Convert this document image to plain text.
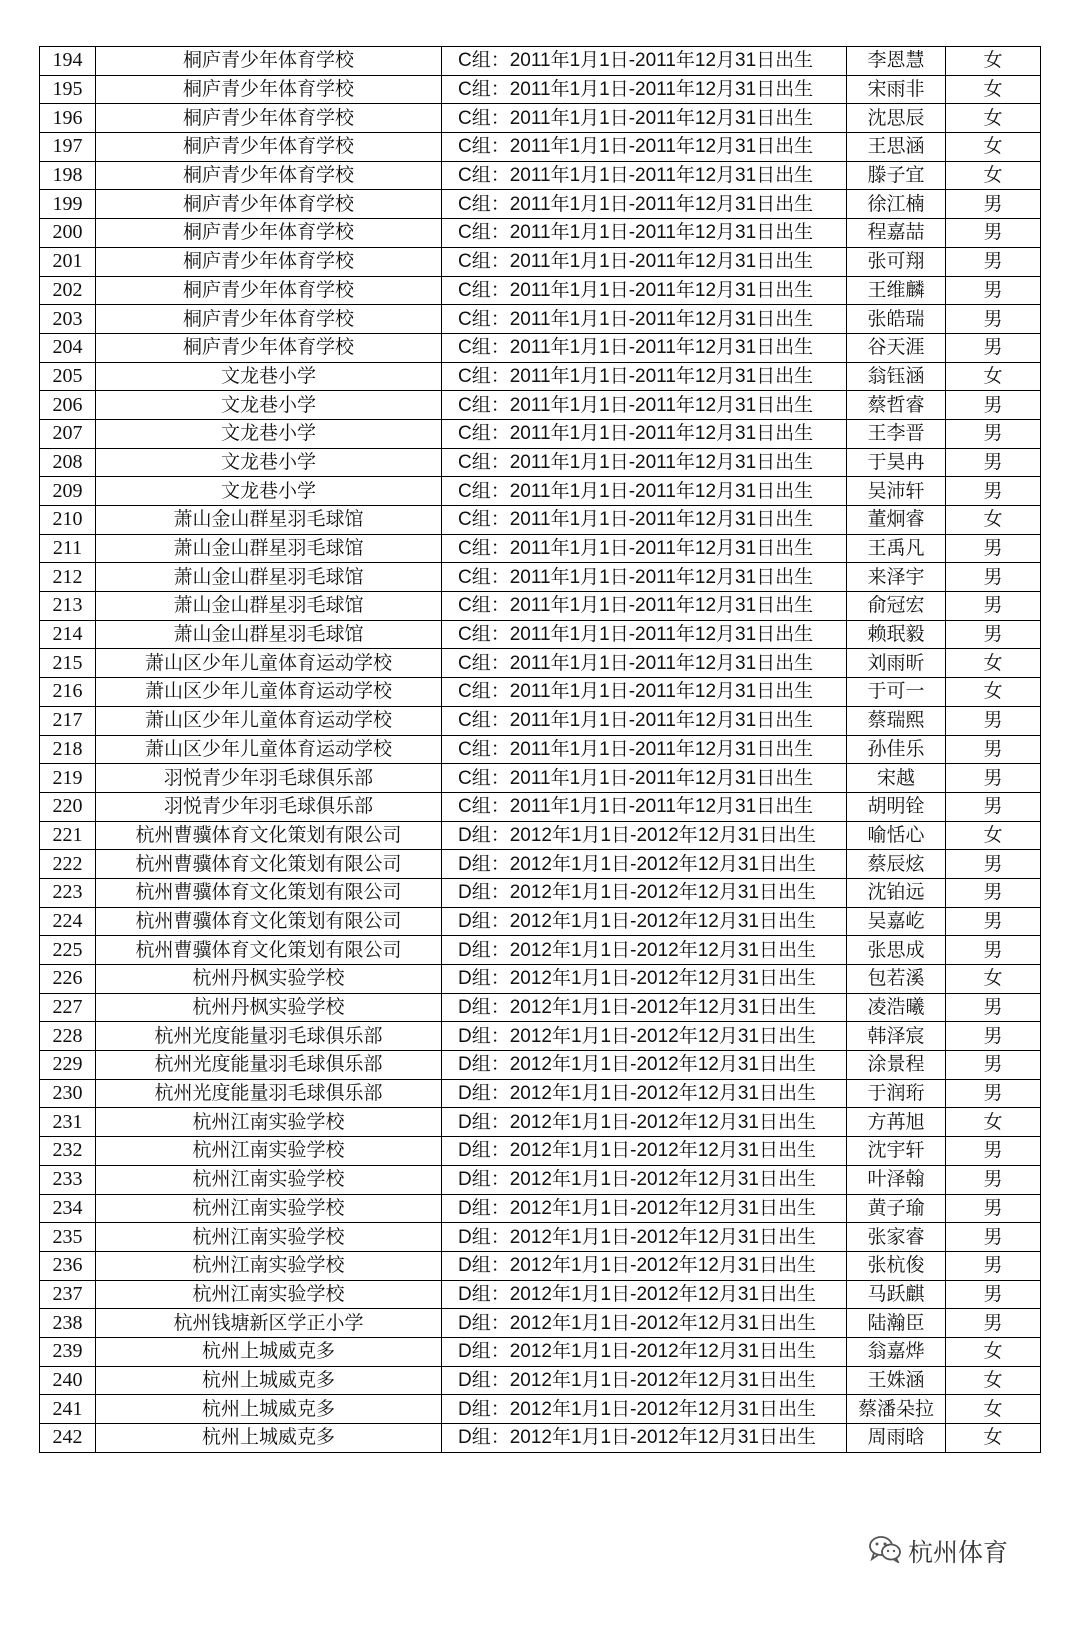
194	桐庐青少年体育学校	C组：2011年1月1日-2011年12月31日出生	李恩慧	女
195	桐庐青少年体育学校	C组：2011年1月1日-2011年12月31日出生	宋雨非	女
196	桐庐青少年体育学校	C组：2011年1月1日-2011年12月31日出生	沈思辰	女
197	桐庐青少年体育学校	C组：2011年1月1日-2011年12月31日出生	王思涵	女
198	桐庐青少年体育学校	C组：2011年1月1日-2011年12月31日出生	滕子宜	女
199	桐庐青少年体育学校	C组：2011年1月1日-2011年12月31日出生	徐江楠	男
200	桐庐青少年体育学校	C组：2011年1月1日-2011年12月31日出生	程嘉喆	男
201	桐庐青少年体育学校	C组：2011年1月1日-2011年12月31日出生	张可翔	男
202	桐庐青少年体育学校	C组：2011年1月1日-2011年12月31日出生	王维麟	男
203	桐庐青少年体育学校	C组：2011年1月1日-2011年12月31日出生	张皓瑞	男
204	桐庐青少年体育学校	C组：2011年1月1日-2011年12月31日出生	谷天涯	男
205	文龙巷小学	C组：2011年1月1日-2011年12月31日出生	翁钰涵	女
206	文龙巷小学	C组：2011年1月1日-2011年12月31日出生	蔡哲睿	男
207	文龙巷小学	C组：2011年1月1日-2011年12月31日出生	王李晋	男
208	文龙巷小学	C组：2011年1月1日-2011年12月31日出生	于昊冉	男
209	文龙巷小学	C组：2011年1月1日-2011年12月31日出生	吴沛轩	男
210	萧山金山群星羽毛球馆	C组：2011年1月1日-2011年12月31日出生	董炯睿	女
211	萧山金山群星羽毛球馆	C组：2011年1月1日-2011年12月31日出生	王禹凡	男
212	萧山金山群星羽毛球馆	C组：2011年1月1日-2011年12月31日出生	来泽宇	男
213	萧山金山群星羽毛球馆	C组：2011年1月1日-2011年12月31日出生	俞冠宏	男
214	萧山金山群星羽毛球馆	C组：2011年1月1日-2011年12月31日出生	赖珉毅	男
215	萧山区少年儿童体育运动学校	C组：2011年1月1日-2011年12月31日出生	刘雨昕	女
216	萧山区少年儿童体育运动学校	C组：2011年1月1日-2011年12月31日出生	于可一	女
217	萧山区少年儿童体育运动学校	C组：2011年1月1日-2011年12月31日出生	蔡瑞熙	男
218	萧山区少年儿童体育运动学校	C组：2011年1月1日-2011年12月31日出生	孙佳乐	男
219	羽悦青少年羽毛球俱乐部	C组：2011年1月1日-2011年12月31日出生	宋越	男
220	羽悦青少年羽毛球俱乐部	C组：2011年1月1日-2011年12月31日出生	胡明铨	男
221	杭州曹骥体育文化策划有限公司	D组：2012年1月1日-2012年12月31日出生	喻恬心	女
222	杭州曹骥体育文化策划有限公司	D组：2012年1月1日-2012年12月31日出生	蔡辰炫	男
223	杭州曹骥体育文化策划有限公司	D组：2012年1月1日-2012年12月31日出生	沈铂远	男
224	杭州曹骥体育文化策划有限公司	D组：2012年1月1日-2012年12月31日出生	吴嘉屹	男
225	杭州曹骥体育文化策划有限公司	D组：2012年1月1日-2012年12月31日出生	张思成	男
226	杭州丹枫实验学校	D组：2012年1月1日-2012年12月31日出生	包若溪	女
227	杭州丹枫实验学校	D组：2012年1月1日-2012年12月31日出生	凌浩曦	男
228	杭州光度能量羽毛球俱乐部	D组：2012年1月1日-2012年12月31日出生	韩泽宸	男
229	杭州光度能量羽毛球俱乐部	D组：2012年1月1日-2012年12月31日出生	涂景程	男
230	杭州光度能量羽毛球俱乐部	D组：2012年1月1日-2012年12月31日出生	于润珩	男
231	杭州江南实验学校	D组：2012年1月1日-2012年12月31日出生	方苒旭	女
232	杭州江南实验学校	D组：2012年1月1日-2012年12月31日出生	沈宇轩	男
233	杭州江南实验学校	D组：2012年1月1日-2012年12月31日出生	叶泽翰	男
234	杭州江南实验学校	D组：2012年1月1日-2012年12月31日出生	黄子瑜	男
235	杭州江南实验学校	D组：2012年1月1日-2012年12月31日出生	张家睿	男
236	杭州江南实验学校	D组：2012年1月1日-2012年12月31日出生	张杭俊	男
237	杭州江南实验学校	D组：2012年1月1日-2012年12月31日出生	马跃麒	男
238	杭州钱塘新区学正小学	D组：2012年1月1日-2012年12月31日出生	陆瀚臣	男
239	杭州上城威克多	D组：2012年1月1日-2012年12月31日出生	翁嘉烨	女
240	杭州上城威克多	D组：2012年1月1日-2012年12月31日出生	王姝涵	女
241	杭州上城威克多	D组：2012年1月1日-2012年12月31日出生	蔡潘朵拉	女
242	杭州上城威克多	D组：2012年1月1日-2012年12月31日出生	周雨晗	女
杭州体育
